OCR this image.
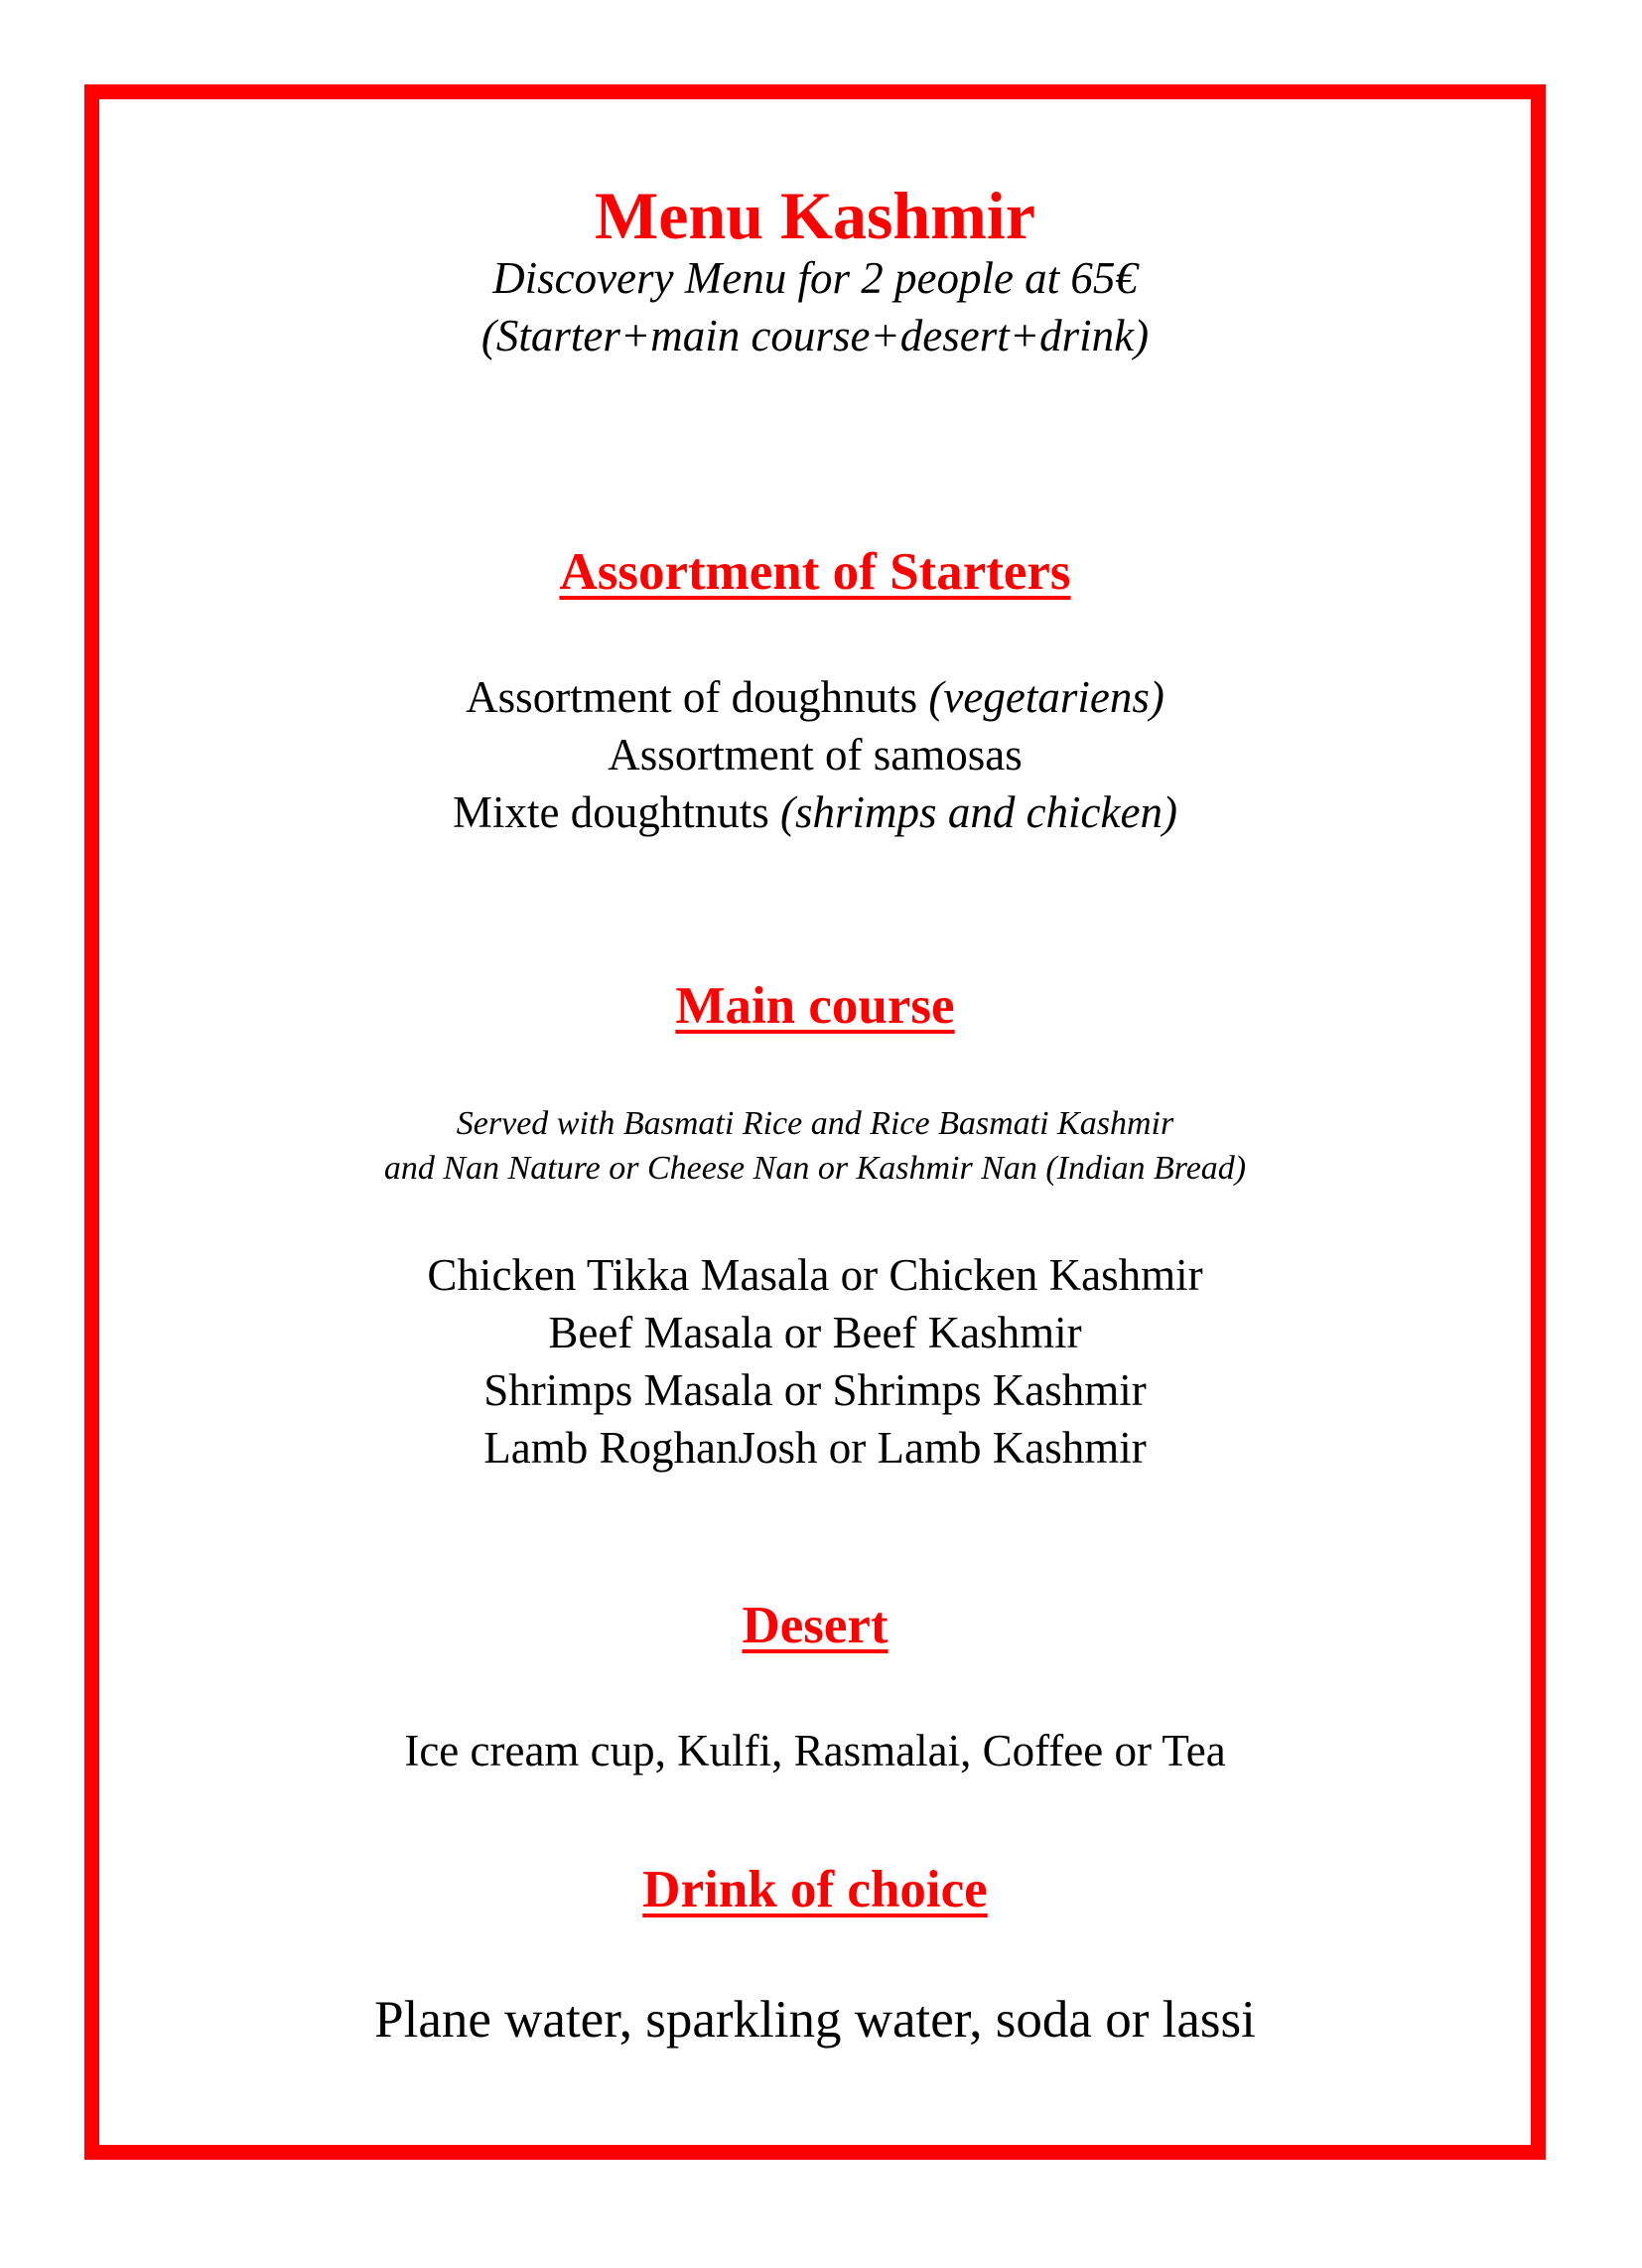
Menu Kashmir

Discovery Menu for 2 people at 65€

(Starter+main course+desert+drink)

Assortment of Starters

Assortment of doughnuts (vegetariens)

Assortment of samosas

Mixte doughtnuts (shrimps and chicken)

Main course

Served with Basmati Rice and Rice Basmati Kashmir

and Nan Nature or Cheese Nan or Kashmir Nan (Indian Bread)

Chicken Tikka Masala or Chicken Kashmir

Beef Masala or Beef Kashmir

Shrimps Masala or Shrimps Kashmir

Lamb RoghanJosh or Lamb Kashmir

Desert

Ice cream cup, Kulfi, Rasmalai, Coffee or Tea

Drink of choice

Plane water, sparkling water, soda or lassi
